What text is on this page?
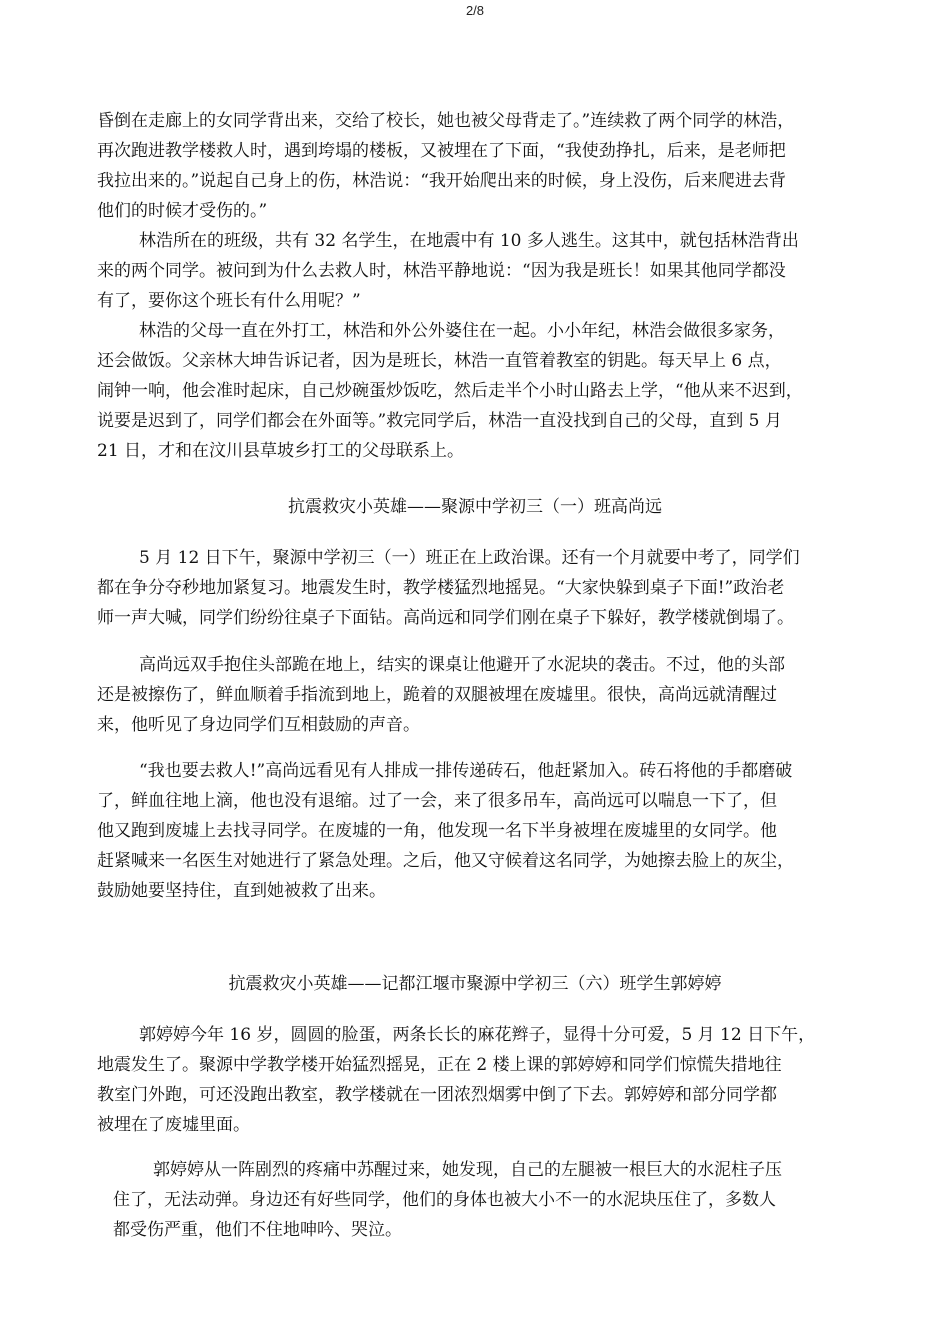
2/8
昏倒在走廊上的女同学背出来，交给了校长，她也被父母背走了。”连续救了两个同学的林浩，
再次跑进教学楼救人时，遇到垮塌的楼板，又被埋在了下面，“我使劲挣扎，后来，是老师把
我拉出来的。”说起自己身上的伤，林浩说：“我开始爬出来的时候，身上没伤，后来爬进去背
他们的时候才受伤的。”
林浩所在的班级，共有 32 名学生，在地震中有 10 多人逃生。这其中，就包括林浩背出
来的两个同学。被问到为什么去救人时，林浩平静地说：“因为我是班长！如果其他同学都没
有了，要你这个班长有什么用呢？”
林浩的父母一直在外打工，林浩和外公外婆住在一起。小小年纪，林浩会做很多家务，
还会做饭。父亲林大坤告诉记者，因为是班长，林浩一直管着教室的钥匙。每天早上 6 点，
闹钟一响，他会准时起床，自己炒碗蛋炒饭吃，然后走半个小时山路去上学，“他从来不迟到，
说要是迟到了，同学们都会在外面等。”救完同学后，林浩一直没找到自己的父母，直到 5 月
21 日，才和在汶川县草坡乡打工的父母联系上。
抗震救灾小英雄——聚源中学初三（一）班高尚远
5 月 12 日下午，聚源中学初三（一）班正在上政治课。还有一个月就要中考了，同学们
都在争分夺秒地加紧复习。地震发生时，教学楼猛烈地摇晃。“大家快躲到桌子下面!”政治老
师一声大喊，同学们纷纷往桌子下面钻。高尚远和同学们刚在桌子下躲好，教学楼就倒塌了。
高尚远双手抱住头部跪在地上，结实的课桌让他避开了水泥块的袭击。不过，他的头部
还是被擦伤了，鲜血顺着手指流到地上，跪着的双腿被埋在废墟里。很快，高尚远就清醒过
来，他听见了身边同学们互相鼓励的声音。
“我也要去救人!”高尚远看见有人排成一排传递砖石，他赶紧加入。砖石将他的手都磨破
了，鲜血往地上滴，他也没有退缩。过了一会，来了很多吊车，高尚远可以喘息一下了，但
他又跑到废墟上去找寻同学。在废墟的一角，他发现一名下半身被埋在废墟里的女同学。他
赶紧喊来一名医生对她进行了紧急处理。之后，他又守候着这名同学，为她擦去脸上的灰尘，
鼓励她要坚持住，直到她被救了出来。
抗震救灾小英雄——记都江堰市聚源中学初三（六）班学生郭婷婷
郭婷婷今年 16 岁，圆圆的脸蛋，两条长长的麻花辫子，显得十分可爱，5 月 12 日下午，
地震发生了。聚源中学教学楼开始猛烈摇晃，正在 2 楼上课的郭婷婷和同学们惊慌失措地往
教室门外跑，可还没跑出教室，教学楼就在一团浓烈烟雾中倒了下去。郭婷婷和部分同学都
被埋在了废墟里面。
郭婷婷从一阵剧烈的疼痛中苏醒过来，她发现，自己的左腿被一根巨大的水泥柱子压
住了，无法动弹。身边还有好些同学，他们的身体也被大小不一的水泥块压住了，多数人
都受伤严重，他们不住地呻吟、哭泣。
